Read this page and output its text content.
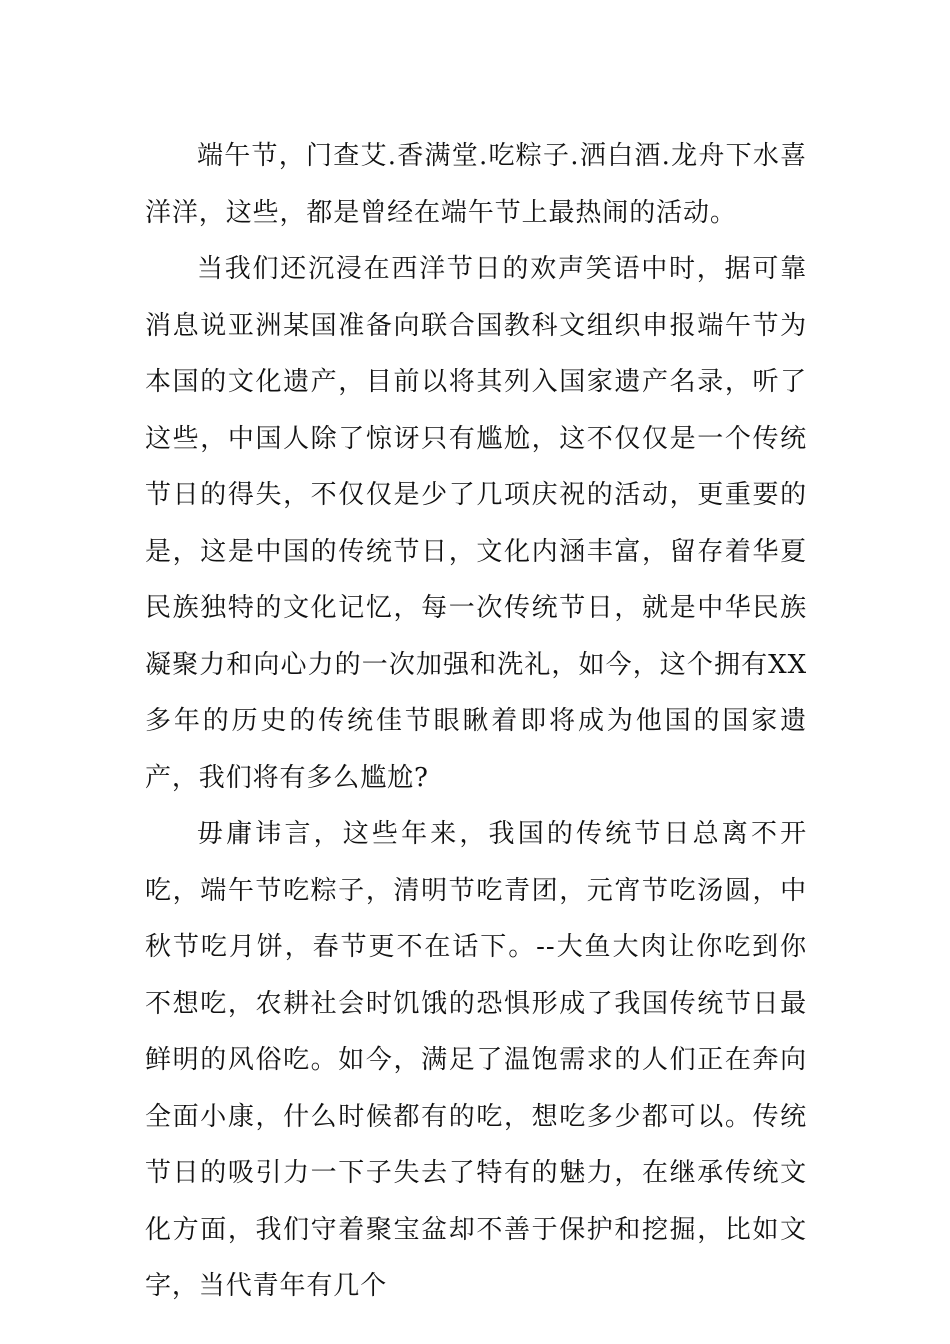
端午节，门查艾.香满堂.吃粽子.洒白酒.龙舟下水喜洋洋，这些，都是曾经在端午节上最热闹的活动。

当我们还沉浸在西洋节日的欢声笑语中时，据可靠消息说亚洲某国准备向联合国教科文组织申报端午节为本国的文化遗产，目前以将其列入国家遗产名录，听了这些，中国人除了惊讶只有尴尬，这不仅仅是一个传统节日的得失，不仅仅是少了几项庆祝的活动，更重要的是，这是中国的传统节日，文化内涵丰富，留存着华夏民族独特的文化记忆，每一次传统节日，就是中华民族凝聚力和向心力的一次加强和洗礼，如今，这个拥有XX多年的历史的传统佳节眼瞅着即将成为他国的国家遗产，我们将有多么尴尬?

毋庸讳言，这些年来，我国的传统节日总离不开吃，端午节吃粽子，清明节吃青团，元宵节吃汤圆，中秋节吃月饼，春节更不在话下。--大鱼大肉让你吃到你不想吃，农耕社会时饥饿的恐惧形成了我国传统节日最鲜明的风俗吃。如今，满足了温饱需求的人们正在奔向全面小康，什么时候都有的吃，想吃多少都可以。传统节日的吸引力一下子失去了特有的魅力，在继承传统文化方面，我们守着聚宝盆却不善于保护和挖掘，比如文字，当代青年有几个
